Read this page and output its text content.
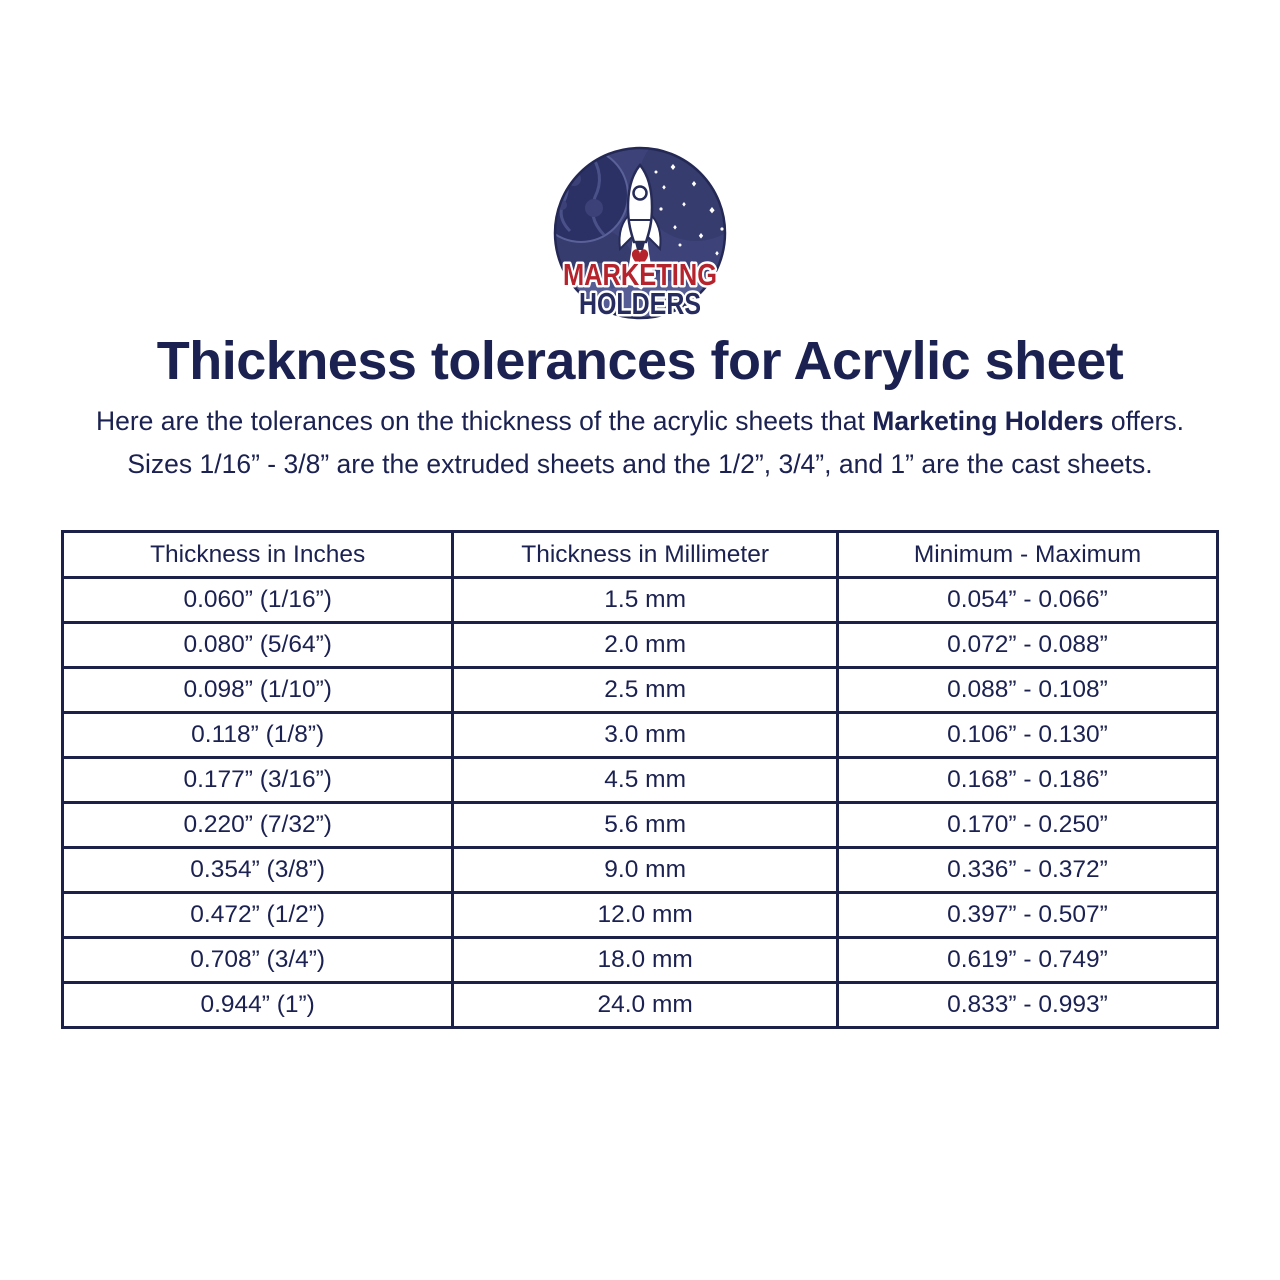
MARKETING
HOLDERS
Thickness tolerances for Acrylic sheet
Here are the tolerances on the thickness of the acrylic sheets that Marketing Holders offers.
Sizes 1/16” - 3/8” are the extruded sheets and the 1/2”, 3/4”, and 1” are the cast sheets.
Thickness in Inches	Thickness in Millimeter	Minimum - Maximum
0.060” (1/16”)	1.5 mm	0.054” - 0.066”
0.080” (5/64”)	2.0 mm	0.072” - 0.088”
0.098” (1/10”)	2.5 mm	0.088” - 0.108”
0.118” (1/8”)	3.0 mm	0.106” - 0.130”
0.177” (3/16”)	4.5 mm	0.168” - 0.186”
0.220” (7/32”)	5.6 mm	0.170” - 0.250”
0.354” (3/8”)	9.0 mm	0.336” - 0.372”
0.472” (1/2”)	12.0 mm	0.397” - 0.507”
0.708” (3/4”)	18.0 mm	0.619” - 0.749”
0.944” (1”)	24.0 mm	0.833” - 0.993”
